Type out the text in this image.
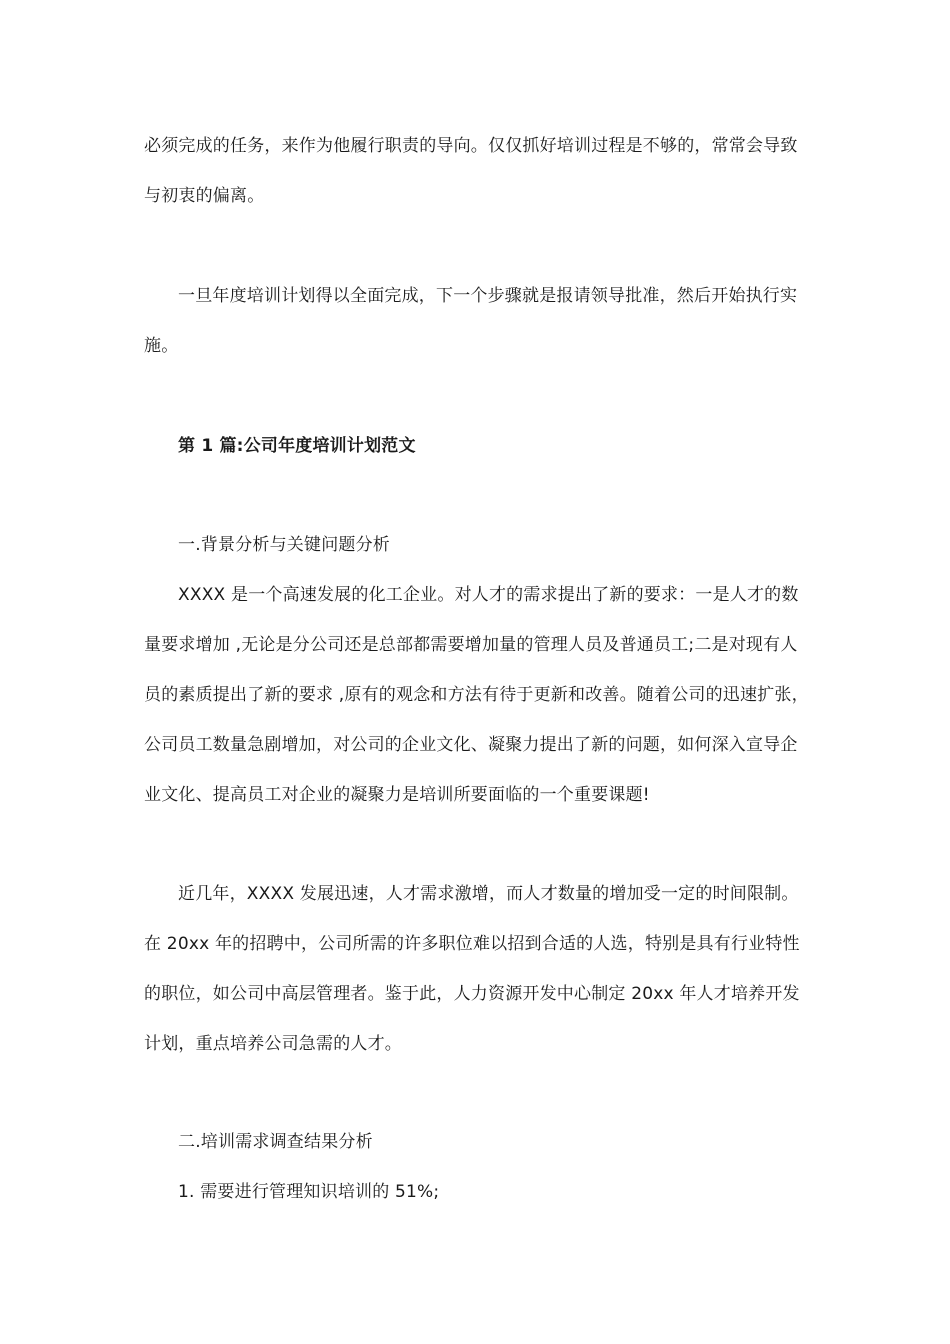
必须完成的任务，来作为他履行职责的导向。仅仅抓好培训过程是不够的，常常会导致
与初衷的偏离。
一旦年度培训计划得以全面完成，下一个步骤就是报请领导批准，然后开始执行实
施。
第 1 篇:公司年度培训计划范文
一.背景分析与关键问题分析
XXXX 是一个高速发展的化工企业。对人才的需求提出了新的要求：一是人才的数
量要求增加 ,无论是分公司还是总部都需要增加量的管理人员及普通员工;二是对现有人
员的素质提出了新的要求 ,原有的观念和方法有待于更新和改善。随着公司的迅速扩张，
公司员工数量急剧增加，对公司的企业文化、凝聚力提出了新的问题，如何深入宣导企
业文化、提高员工对企业的凝聚力是培训所要面临的一个重要课题!
近几年，XXXX 发展迅速，人才需求激增，而人才数量的增加受一定的时间限制。
在 20xx 年的招聘中，公司所需的许多职位难以招到合适的人选，特别是具有行业特性
的职位，如公司中高层管理者。鉴于此，人力资源开发中心制定 20xx 年人才培养开发
计划，重点培养公司急需的人才。
二.培训需求调查结果分析
1. 需要进行管理知识培训的 51%;
